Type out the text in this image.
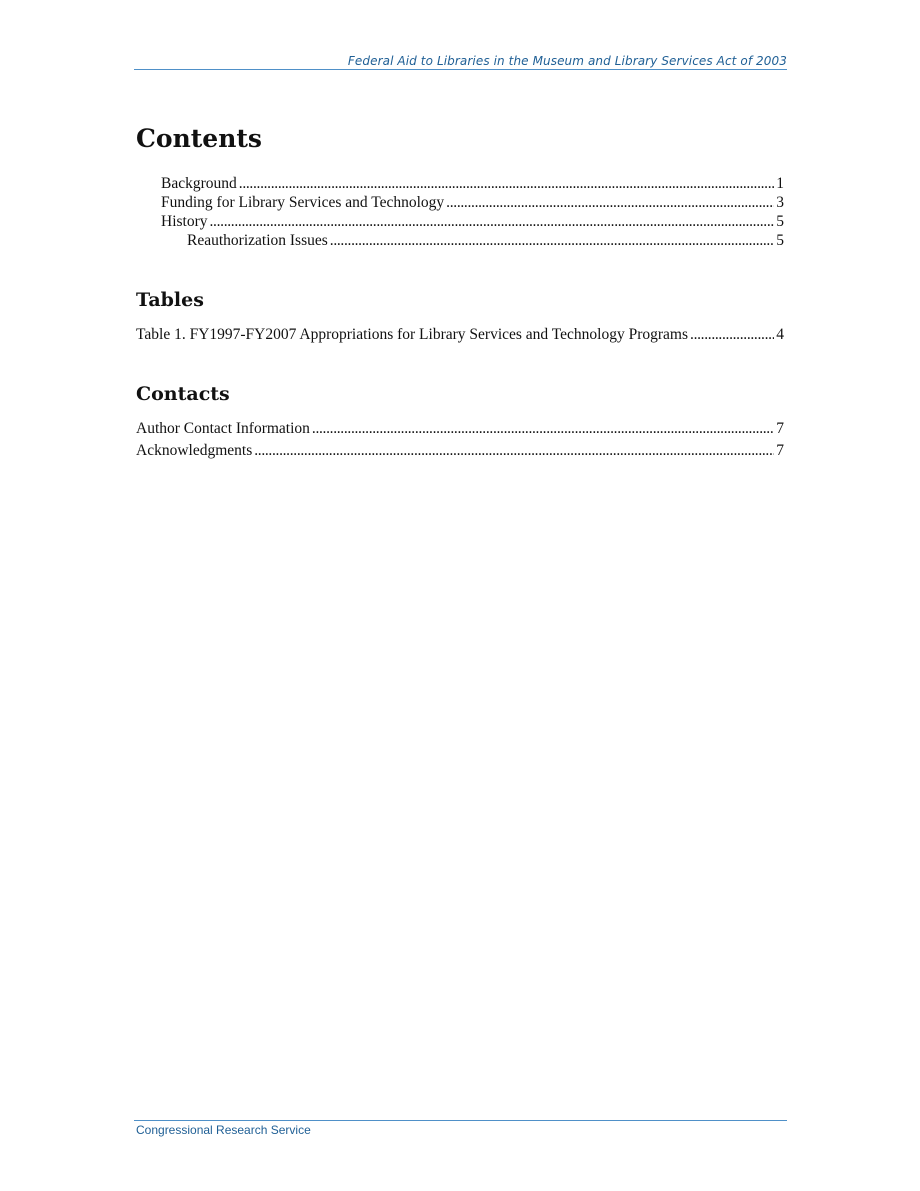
Federal Aid to Libraries in the Museum and Library Services Act of 2003
Contents
Background . . .	1
Funding for Library Services and Technology . . .	3
History . . .	5
Reauthorization Issues . . .	5
Tables
Table 1. FY1997-FY2007 Appropriations for Library Services and Technology Programs . . .	4
Contacts
Author Contact Information . . .	7
Acknowledgments . . .	7
Congressional Research Service
